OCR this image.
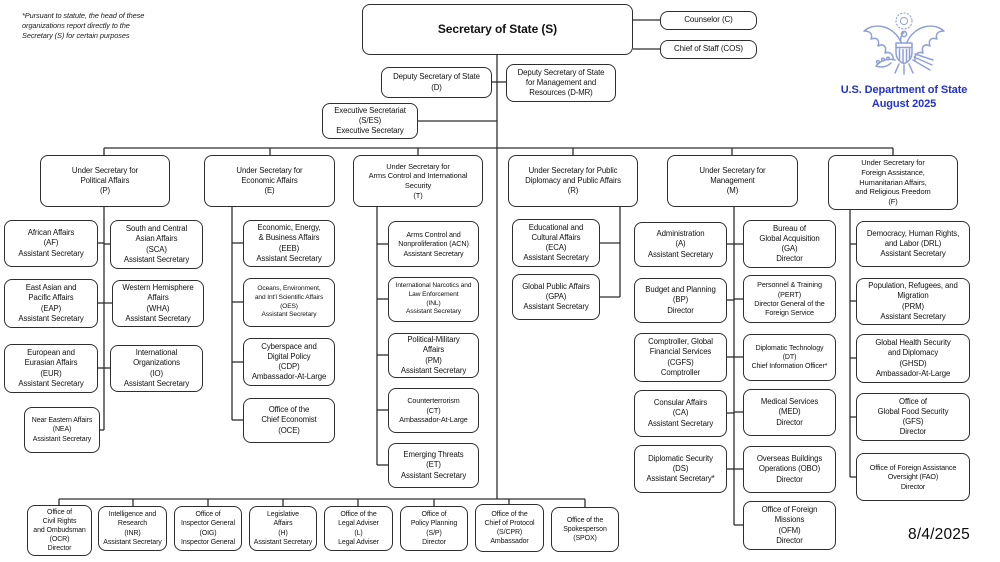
*Pursuant to statute, the head of these
organizations report directly to the
Secretary (S) for certain purposes
U.S. Department of State
August 2025
8/4/2025
Secretary of State (S)
Counselor (C)
Chief of Staff (COS)
Deputy Secretary of State
(D)
Deputy Secretary of State
for Management and
Resources (D-MR)
Executive Secretariat
(S/ES)
Executive Secretary
Under Secretary for
Political Affairs
(P)
Under Secretary for
Economic Affairs
(E)
Under Secretary for
Arms Control and International
Security
(T)
Under Secretary for Public
Diplomacy and Public Affairs
(R)
Under Secretary for
Management
(M)
Under Secretary for
Foreign Assistance,
Humanitarian Affairs,
and Religious Freedom
(F)
African Affairs
(AF)
Assistant Secretary
South and Central
Asian Affairs
(SCA)
Assistant Secretary
East Asian and
Pacific Affairs
(EAP)
Assistant Secretary
Western Hemisphere
Affairs
(WHA)
Assistant Secretary
European and
Eurasian Affairs
(EUR)
Assistant Secretary
International
Organizations
(IO)
Assistant Secretary
Near Eastern Affairs
(NEA)
Assistant Secretary
Economic, Energy,
& Business Affairs
(EEB)
Assistant Secretary
Oceans, Environment,
and Int'l Scientific Affairs
(OES)
Assistant Secretary
Cyberspace and
Digital Policy
(CDP)
Ambassador-At-Large
Office of the
Chief Economist
(OCE)
Arms Control and
Nonproliferation (ACN)
Assistant Secretary
International Narcotics and
Law Enforcement
(INL)
Assistant Secretary
Political-Military
Affairs
(PM)
Assistant Secretary
Counterterrorism
(CT)
Ambassador-At-Large
Emerging Threats
(ET)
Assistant Secretary
Educational and
Cultural Affairs
(ECA)
Assistant Secretary
Global Public Affairs
(GPA)
Assistant Secretary
Administration
(A)
Assistant Secretary
Budget and Planning
(BP)
Director
Comptroller, Global
Financial Services
(CGFS)
Comptroller
Consular Affairs
(CA)
Assistant Secretary
Diplomatic Security
(DS)
Assistant Secretary*
Bureau of
Global Acquisition
(GA)
Director
Personnel & Training
(PERT)
Director General of the
Foreign Service
Diplomatic Technology
(DT)
Chief Information Officer*
Medical Services
(MED)
Director
Overseas Buildings
Operations (OBO)
Director
Office of Foreign
Missions
(OFM)
Director
Democracy, Human Rights,
and Labor (DRL)
Assistant Secretary
Population, Refugees, and
Migration
(PRM)
Assistant Secretary
Global Health Security
and Diplomacy
(GHSD)
Ambassador-At-Large
Office of
Global Food Security
(GFS)
Director
Office of Foreign Assistance
Oversight (FAO)
Director
Office of
Civil Rights
and Ombudsman
(OCR)
Director
Intelligence and
Research
(INR)
Assistant Secretary
Office of
Inspector General
(OIG)
Inspector General
Legislative
Affairs
(H)
Assistant Secretary
Office of the
Legal Adviser
(L)
Legal Adviser
Office of
Policy Planning
(S/P)
Director
Office of the
Chief of Protocol
(S/CPR)
Ambassador
Office of the
Spokesperson
(SPOX)
